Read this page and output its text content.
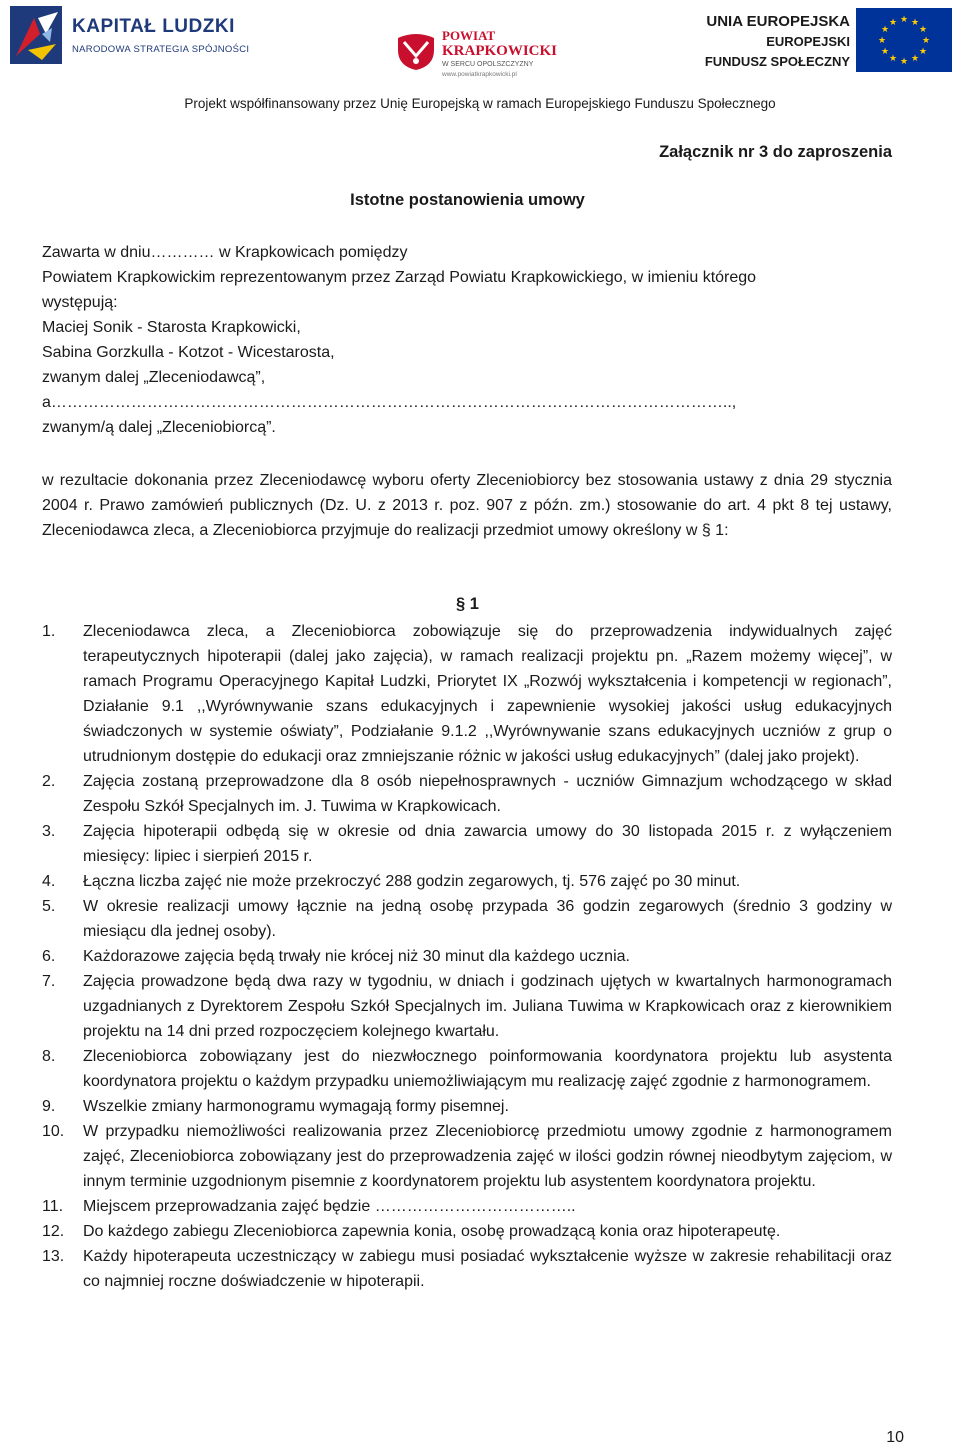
KAPITAŁ LUDZKI
NARODOWA STRATEGIA SPÓJNOŚCI
POWIAT
KRAPKOWICKI
W SERCU OPOLSZCZYZNY
www.powiatkrapkowicki.pl
UNIA EUROPEJSKA
EUROPEJSKI
FUNDUSZ SPOŁECZNY
★ ★
★
★
★
★
★
★
★
★
★
★
Projekt współfinansowany przez Unię Europejską w ramach Europejskiego Funduszu Społecznego
Załącznik nr 3 do zaproszenia
Istotne postanowienia umowy
Zawarta w dniu………… w Krapkowicach pomiędzy
Powiatem Krapkowickim reprezentowanym przez Zarząd Powiatu Krapkowickiego, w imieniu którego
występują:
Maciej Sonik - Starosta Krapkowicki,
Sabina Gorzkulla - Kotzot - Wicestarosta,
zwanym dalej „Zleceniodawcą”,
a………………………………………………………………………………………………………………..,
zwanym/ą dalej „Zleceniobiorcą”.
w rezultacie dokonania przez Zleceniodawcę wyboru oferty Zleceniobiorcy bez stosowania ustawy z dnia 29 stycznia 2004 r. Prawo zamówień publicznych (Dz. U. z 2013 r. poz. 907 z późn. zm.) stosowanie do art. 4 pkt 8 tej ustawy, Zleceniodawca zleca, a Zleceniobiorca przyjmuje do realizacji przedmiot umowy określony w § 1:
§ 1
1. Zleceniodawca zleca, a Zleceniobiorca zobowiązuje się do przeprowadzenia indywidualnych zajęć terapeutycznych hipoterapii (dalej jako zajęcia), w ramach realizacji projektu pn. „Razem możemy więcej”, w ramach Programu Operacyjnego Kapitał Ludzki, Priorytet IX „Rozwój wykształcenia i kompetencji w regionach”, Działanie 9.1 ,,Wyrównywanie szans edukacyjnych i zapewnienie wysokiej jakości usług edukacyjnych świadczonych w systemie oświaty”, Podziałanie 9.1.2 ,,Wyrównywanie szans edukacyjnych uczniów z grup o utrudnionym dostępie do edukacji oraz zmniejszanie różnic w jakości usług edukacyjnych” (dalej jako projekt).
2. Zajęcia zostaną przeprowadzone dla 8 osób niepełnosprawnych - uczniów Gimnazjum wchodzącego w skład Zespołu Szkół Specjalnych im. J. Tuwima w Krapkowicach.
3. Zajęcia hipoterapii odbędą się w okresie od dnia zawarcia umowy do 30 listopada 2015 r. z wyłączeniem miesięcy: lipiec i sierpień 2015 r.
4. Łączna liczba zajęć nie może przekroczyć 288 godzin zegarowych, tj. 576 zajęć po 30 minut.
5. W okresie realizacji umowy łącznie na jedną osobę przypada 36 godzin zegarowych (średnio 3 godziny w miesiącu dla jednej osoby).
6. Każdorazowe zajęcia będą trwały nie krócej niż 30 minut dla każdego ucznia.
7. Zajęcia prowadzone będą dwa razy w tygodniu, w dniach i godzinach ujętych w kwartalnych harmonogramach uzgadnianych z Dyrektorem Zespołu Szkół Specjalnych im. Juliana Tuwima w Krapkowicach oraz z kierownikiem projektu na 14 dni przed rozpoczęciem kolejnego kwartału.
8. Zleceniobiorca zobowiązany jest do niezwłocznego poinformowania koordynatora projektu lub asystenta koordynatora projektu o każdym przypadku uniemożliwiającym mu realizację zajęć zgodnie z harmonogramem.
9. Wszelkie zmiany harmonogramu wymagają formy pisemnej.
10. W przypadku niemożliwości realizowania przez Zleceniobiorcę przedmiotu umowy zgodnie z harmonogramem zajęć, Zleceniobiorca zobowiązany jest do przeprowadzenia zajęć w ilości godzin równej nieodbytym zajęciom, w innym terminie uzgodnionym pisemnie z koordynatorem projektu lub asystentem koordynatora projektu.
11. Miejscem przeprowadzania zajęć będzie ………………………………..
12. Do każdego zabiegu Zleceniobiorca zapewnia konia, osobę prowadzącą konia oraz hipoterapeutę.
13. Każdy hipoterapeuta uczestniczący w zabiegu musi posiadać wykształcenie wyższe w zakresie rehabilitacji oraz co najmniej roczne doświadczenie w hipoterapii.
10
